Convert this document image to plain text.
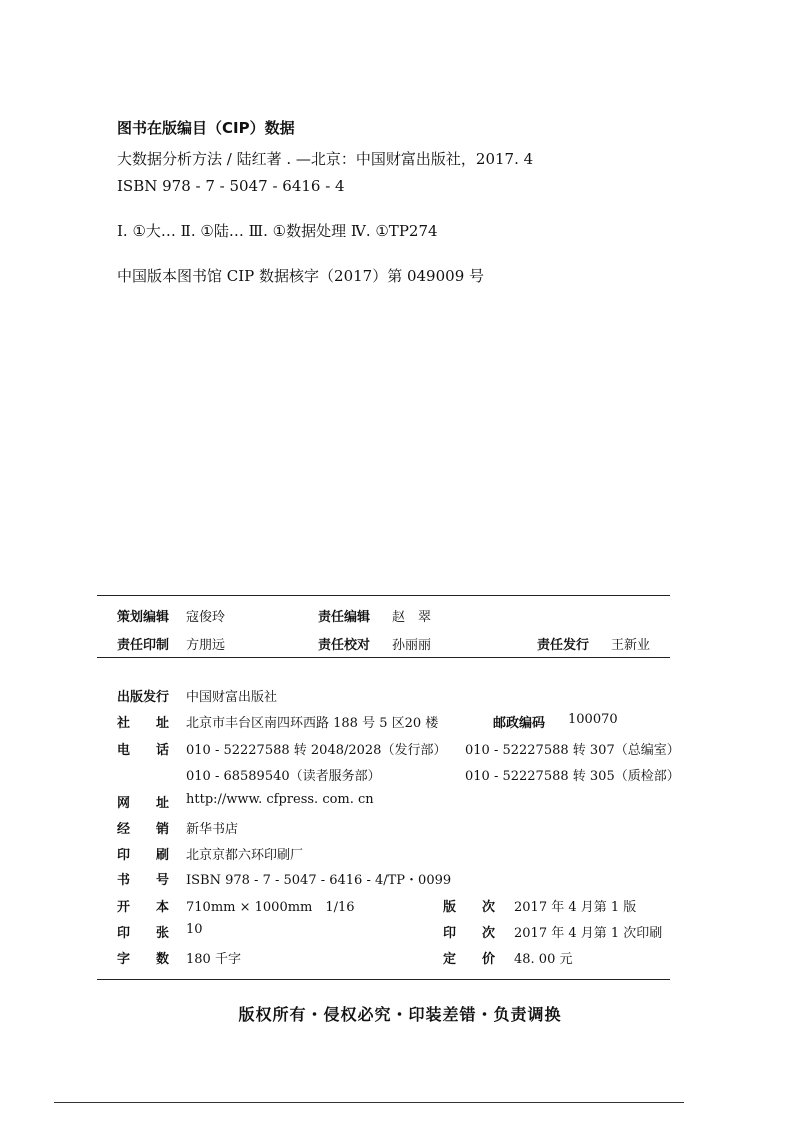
图书在版编目（CIP）数据
大数据分析方法 / 陆红著 . —北京：中国财富出版社，2017. 4
ISBN 978 - 7 - 5047 - 6416 - 4
Ⅰ. ①大… Ⅱ. ①陆… Ⅲ. ①数据处理 Ⅳ. ①TP274
中国版本图书馆 CIP 数据核字（2017）第 049009 号
策划编辑 寇俊玲	责任编辑 赵　翠
责任印制 方朋远	责任校对 孙丽丽	责任发行 王新业
出版发行 中国财富出版社
社　　址 北京市丰台区南四环西路 188 号 5 区20 楼	邮政编码 100070
电　　话 010 - 52227588 转 2048/2028（发行部） 010 - 52227588 转 307（总编室）
010 - 68589540（读者服务部）	010 - 52227588 转 305（质检部）
网　　址 http://www. cfpress. com. cn
经　　销 新华书店
印　　刷 北京京都六环印刷厂
书　　号 ISBN 978 - 7 - 5047 - 6416 - 4/TP・0099
开　　本 710mm × 1000mm　1/16	版　　次 2017 年 4 月第 1 版
印　　张 10	印　　次 2017 年 4 月第 1 次印刷
字　　数 180 千字	定　　价 48. 00 元
版权所有・侵权必究・印装差错・负责调换
